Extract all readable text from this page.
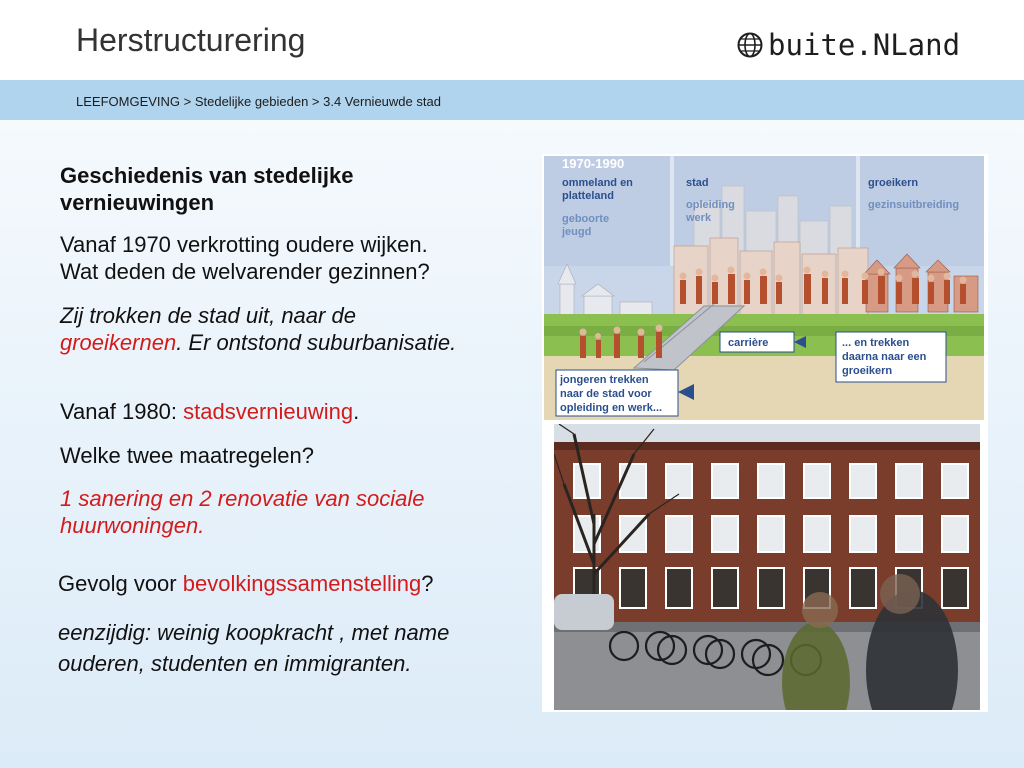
Herstructurering	buite.NLand
LEEFOMGEVING > Stedelijke gebieden > 3.4 Vernieuwde stad
Geschiedenis van stedelijke
vernieuwingen
Vanaf 1970 verkrotting oudere wijken.
Wat deden de welvarender gezinnen?
Zij trokken de stad uit, naar de
groeikernen. Er ontstond suburbanisatie.
Vanaf 1980: stadsvernieuwing.
Welke twee maatregelen?
1 sanering en 2 renovatie van sociale
huurwoningen.
Gevolg voor bevolkingssamenstelling?
eenzijdig: weinig koopkracht , met name
ouderen, studenten en immigranten.
1970-1990
ommeland en
platteland
geboorte
jeugd
stad
opleiding
werk
groeikern
gezinsuitbreiding
carrière	... en trekken
daarna naar een
groeikern
jongeren trekken
naar de stad voor
opleiding en werk...
